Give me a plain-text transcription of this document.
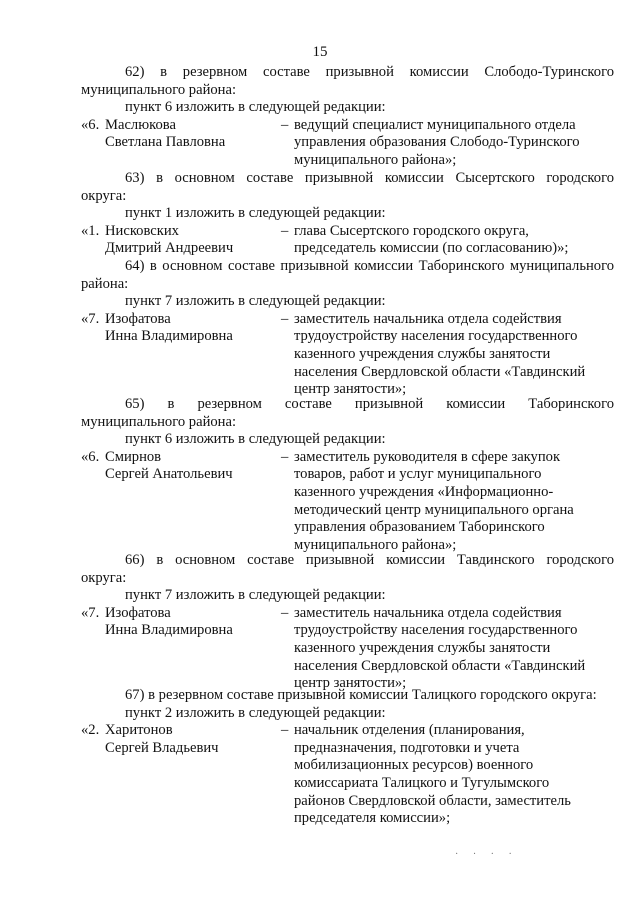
15

62) в резервном составе призывной комиссии Слободо-Туринского

муниципального района:

пункт 6 изложить в следующей редакции:

«6. Маслюкова
Светлана Павловна
– ведущий специалист муниципального отдела
управления образования Слободо-Туринского
муниципального района»;

63) в основном составе призывной комиссии Сысертского городского

округа:

пункт 1 изложить в следующей редакции:

«1. Нисковских
Дмитрий Андреевич
– глава Сысертского городского округа,
председатель комиссии (по согласованию)»;

64) в основном составе призывной комиссии Таборинского муниципального

района:

пункт 7 изложить в следующей редакции:

«7. Изофатова
Инна Владимировна
– заместитель начальника отдела содействия
трудоустройству населения государственного
казенного учреждения службы занятости
населения Свердловской области «Тавдинский
центр занятости»;

65) в резервном составе призывной комиссии Таборинского

муниципального района:

пункт 6 изложить в следующей редакции:

«6. Смирнов
Сергей Анатольевич
– заместитель руководителя в сфере закупок
товаров, работ и услуг муниципального
казенного учреждения «Информационно-
методический центр муниципального органа
управления образованием Таборинского
муниципального района»;

66) в основном составе призывной комиссии Тавдинского городского

округа:

пункт 7 изложить в следующей редакции:

«7. Изофатова
Инна Владимировна
– заместитель начальника отдела содействия
трудоустройству населения государственного
казенного учреждения службы занятости
населения Свердловской области «Тавдинский
центр занятости»;

67) в резервном составе призывной комиссии Талицкого городского округа:

пункт 2 изложить в следующей редакции:

«2. Харитонов
Сергей Владьевич
– начальник отделения (планирования,
предназначения, подготовки и учета
мобилизационных ресурсов) военного
комиссариата Талицкого и Тугулымского
районов Свердловской области, заместитель
председателя комиссии»;
· · · ·
